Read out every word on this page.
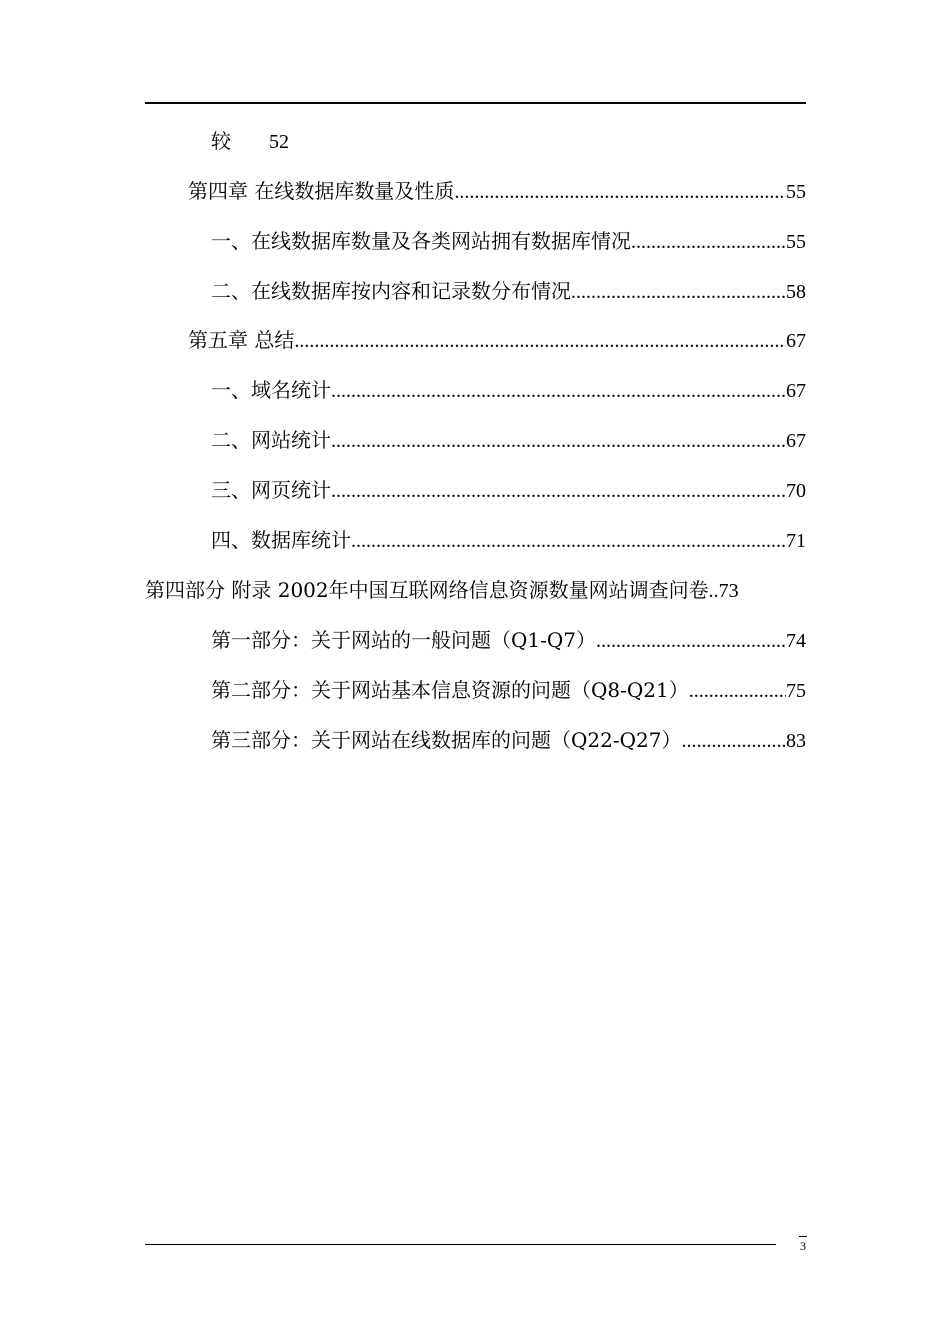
较 52
第四章 在线数据库数量及性质 .....	55
一、在线数据库数量及各类网站拥有数据库情况 .....	55
二、在线数据库按内容和记录数分布情况 .....	58
第五章 总结 .....	67
一、域名统计 .....	67
二、网站统计 .....	67
三、网页统计 .....	70
四、数据库统计 .....	71
第四部分 附录 2002年中国互联网络信息资源数量网站调查问卷 ..... 73
第一部分：关于网站的一般问题（Q1-Q7） .....	74
第二部分：关于网站基本信息资源的问题（Q8-Q21） .....	75
第三部分：关于网站在线数据库的问题（Q22-Q27） .....	83
3
